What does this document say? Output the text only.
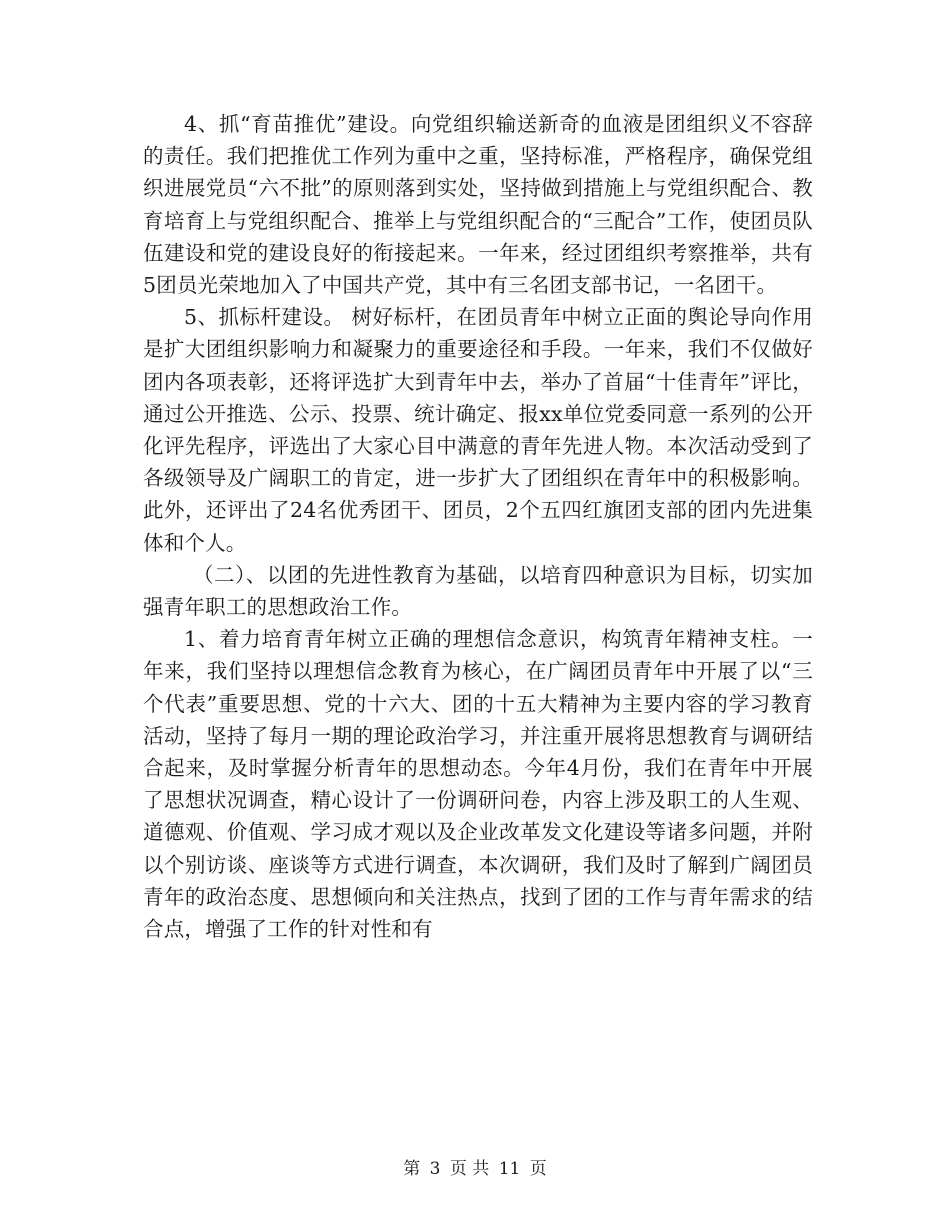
4、抓“育苗推优”建设。向党组织输送新奇的血液是团组织义不容辞的责任。我们把推优工作列为重中之重，坚持标准，严格程序，确保党组织进展党员“六不批”的原则落到实处，坚持做到措施上与党组织配合、教育培育上与党组织配合、推举上与党组织配合的“三配合”工作，使团员队伍建设和党的建设良好的衔接起来。一年来，经过团组织考察推举，共有5团员光荣地加入了中国共产党，其中有三名团支部书记，一名团干。

5、抓标杆建设。 树好标杆，在团员青年中树立正面的舆论导向作用是扩大团组织影响力和凝聚力的重要途径和手段。一年来，我们不仅做好团内各项表彰，还将评选扩大到青年中去，举办了首届“十佳青年”评比，通过公开推选、公示、投票、统计确定、报xx单位党委同意一系列的公开化评先程序，评选出了大家心目中满意的青年先进人物。本次活动受到了各级领导及广阔职工的肯定，进一步扩大了团组织在青年中的积极影响。此外，还评出了24名优秀团干、团员，2个五四红旗团支部的团内先进集体和个人。

（二）、以团的先进性教育为基础，以培育四种意识为目标，切实加强青年职工的思想政治工作。

1、着力培育青年树立正确的理想信念意识，构筑青年精神支柱。一年来，我们坚持以理想信念教育为核心，在广阔团员青年中开展了以“三个代表”重要思想、党的十六大、团的十五大精神为主要内容的学习教育活动，坚持了每月一期的理论政治学习，并注重开展将思想教育与调研结合起来，及时掌握分析青年的思想动态。今年4月份，我们在青年中开展了思想状况调查，精心设计了一份调研问卷，内容上涉及职工的人生观、道德观、价值观、学习成才观以及企业改革发文化建设等诸多问题，并附以个别访谈、座谈等方式进行调查，本次调研，我们及时了解到广阔团员青年的政治态度、思想倾向和关注热点，找到了团的工作与青年需求的结合点，增强了工作的针对性和有

第 3 页 共 11 页
